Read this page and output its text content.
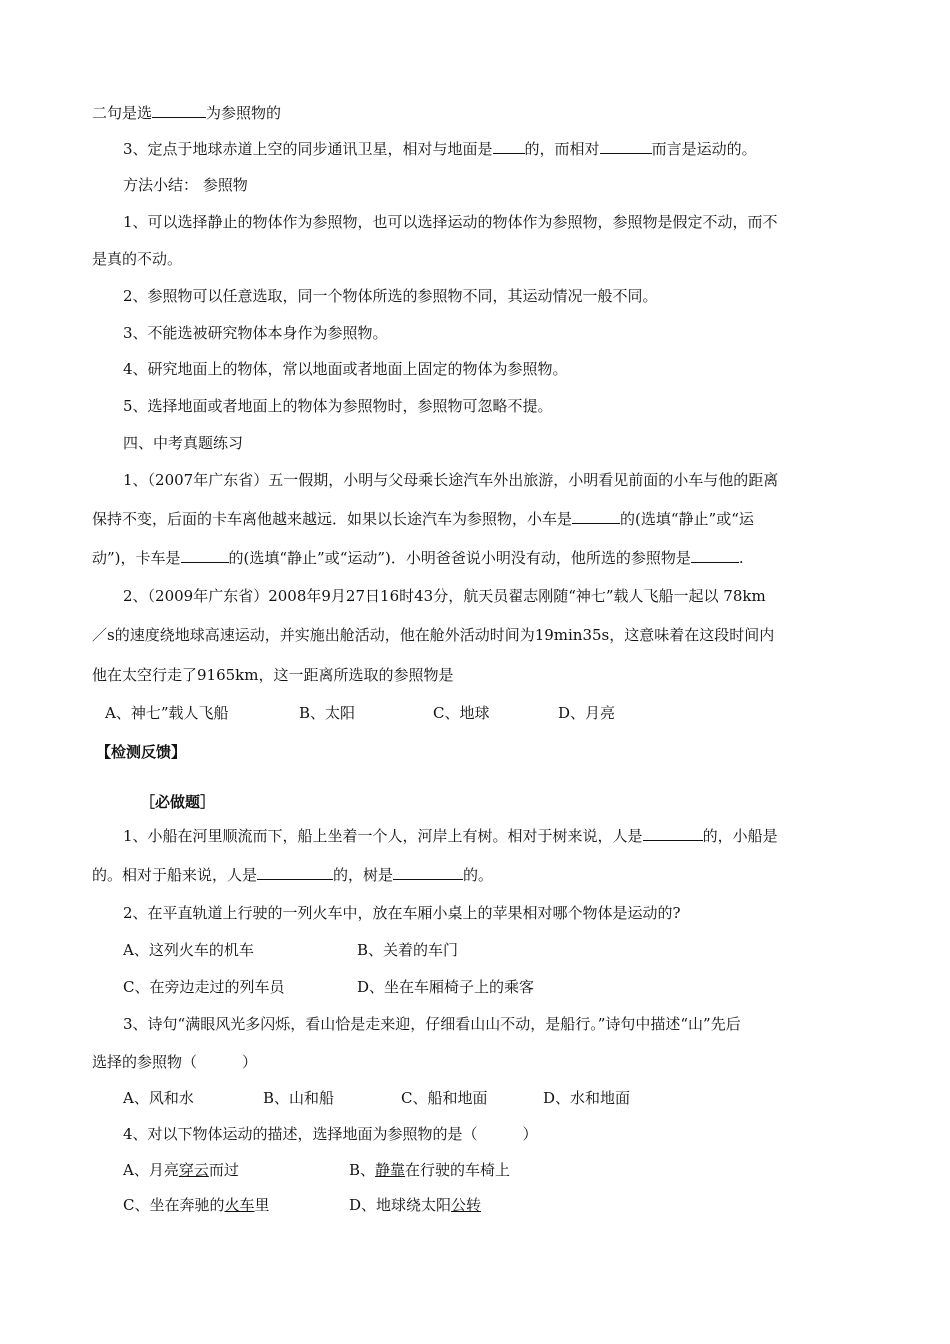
二句是选	为参照物的
3、定点于地球赤道上空的同步通讯卫星，相对与地面是 的，而相对	而言是运动的。
方法小结： 参照物
1、可以选择静止的物体作为参照物，也可以选择运动的物体作为参照物，参照物是假定不动，而不
是真的不动。
2、参照物可以任意选取，同一个物体所选的参照物不同，其运动情况一般不同。
3、不能选被研究物体本身作为参照物。
4、研究地面上的物体，常以地面或者地面上固定的物体为参照物。
5、选择地面或者地面上的物体为参照物时，参照物可忽略不提。
四、中考真题练习
1、（2007年广东省）五一假期，小明与父母乘长途汽车外出旅游，小明看见前面的小车与他的距离
保持不变，后面的卡车离他越来越远．如果以长途汽车为参照物，小车是	的(选填“静止”或“运
动”)，卡车是	的(选填“静止”或“运动”)．小明爸爸说小明没有动，他所选的参照物是	.
2、（2009年广东省）2008年9月27日16时43分，航天员翟志刚随“神七”载人飞船一起以 78km
／s的速度绕地球高速运动，并实施出舱活动，他在舱外活动时间为19min35s，这意味着在这段时间内
他在太空行走了9165km，这一距离所选取的参照物是
A、神七”载人飞船	B、太阳	C、地球	D、月亮
【检测反馈】
［必做题］
1、小船在河里顺流而下，船上坐着一个人，河岸上有树。相对于树来说，人是	的，小船是
的。相对于船来说，人是	的，树是	的。
2、在平直轨道上行驶的一列火车中，放在车厢小桌上的苹果相对哪个物体是运动的?
A、这列火车的机车	B、关着的车门
C、在旁边走过的列车员	D、坐在车厢椅子上的乘客
3、诗句“满眼风光多闪烁，看山恰是走来迎，仔细看山山不动，是船行。”诗句中描述“山”先后
选择的参照物（　　　）
A、风和水	B、山和船	C、船和地面	D、水和地面
4、对以下物体运动的描述，选择地面为参照物的是（　　　）
A、月亮穿云而过	B、静靠在行驶的车椅上
C、坐在奔驰的火车里	D、地球绕太阳公转
